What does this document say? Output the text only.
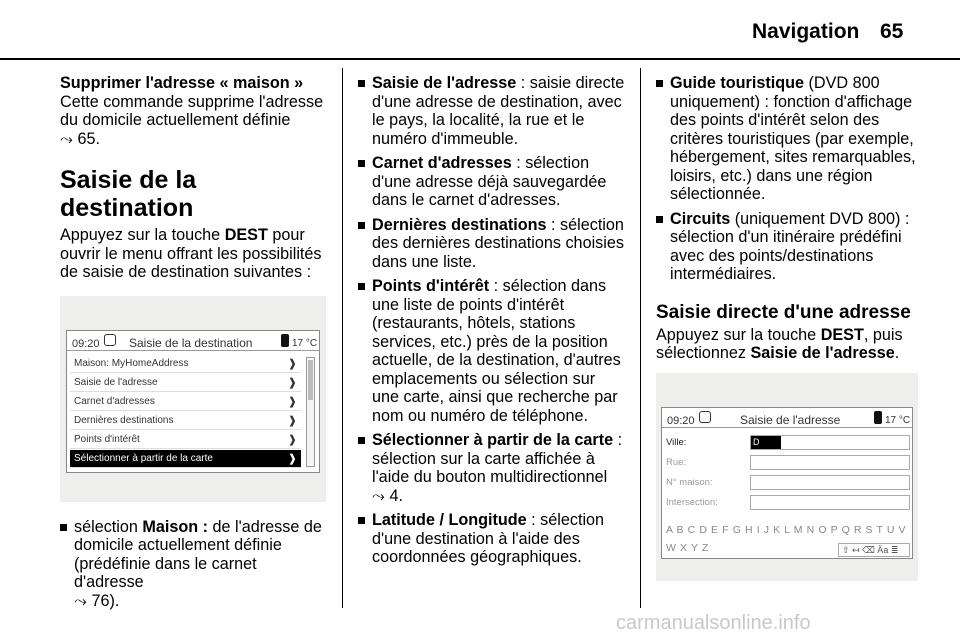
Navigation 65

Supprimer l'adresse « maison »

Cette commande supprime l'adresse du domicile actuellement définie
⤳ 65.

Saisie de la destination

Appuyez sur la touche DEST pour ouvrir le menu offrant les possibilités de saisie de destination suivantes :

09:20 Saisie de la destination	17 °C
Maison: MyHomeAddress	❱
Saisie de l'adresse	❱
Carnet d'adresses	❱
Dernières destinations	❱
Points d'intérêt	❱
Sélectionner à partir de la carte	❱
sélection Maison : de l'adresse de domicile actuellement définie (prédéfinie dans le carnet d'adresse
⤳ 76).
Saisie de l'adresse : saisie directe d'une adresse de destination, avec le pays, la localité, la rue et le numéro d'immeuble.
Carnet d'adresses : sélection d'une adresse déjà sauvegardée dans le carnet d'adresses.
Dernières destinations : sélection des dernières destinations choisies dans une liste.
Points d'intérêt : sélection dans une liste de points d'intérêt (restaurants, hôtels, stations services, etc.) près de la position actuelle, de la destination, d'autres emplacements ou sélection sur une carte, ainsi que recherche par nom ou numéro de téléphone.
Sélectionner à partir de la carte : sélection sur la carte affichée à l'aide du bouton multidirectionnel
⤳ 4.
Latitude / Longitude : sélection d'une destination à l'aide des coordonnées géographiques.
Guide touristique (DVD 800 uniquement) : fonction d'affichage des points d'intérêt selon des critères touristiques (par exemple, hébergement, sites remarquables, loisirs, etc.) dans une région sélectionnée.
Circuits (uniquement DVD 800) : sélection d'un itinéraire prédéfini avec des points/destinations intermédiaires.
Saisie directe d'une adresse

Appuyez sur la touche DEST, puis sélectionnez Saisie de l'adresse.

09:20	Saisie de l'adresse	17 °C
Ville:	D
Rue:
N° maison:
Intersection:
A B C D E F G H I J K L M N O P Q R S T U V W X Y Z	⇧ ↤ ⌫ Äa ≣
carmanualsonline.info
